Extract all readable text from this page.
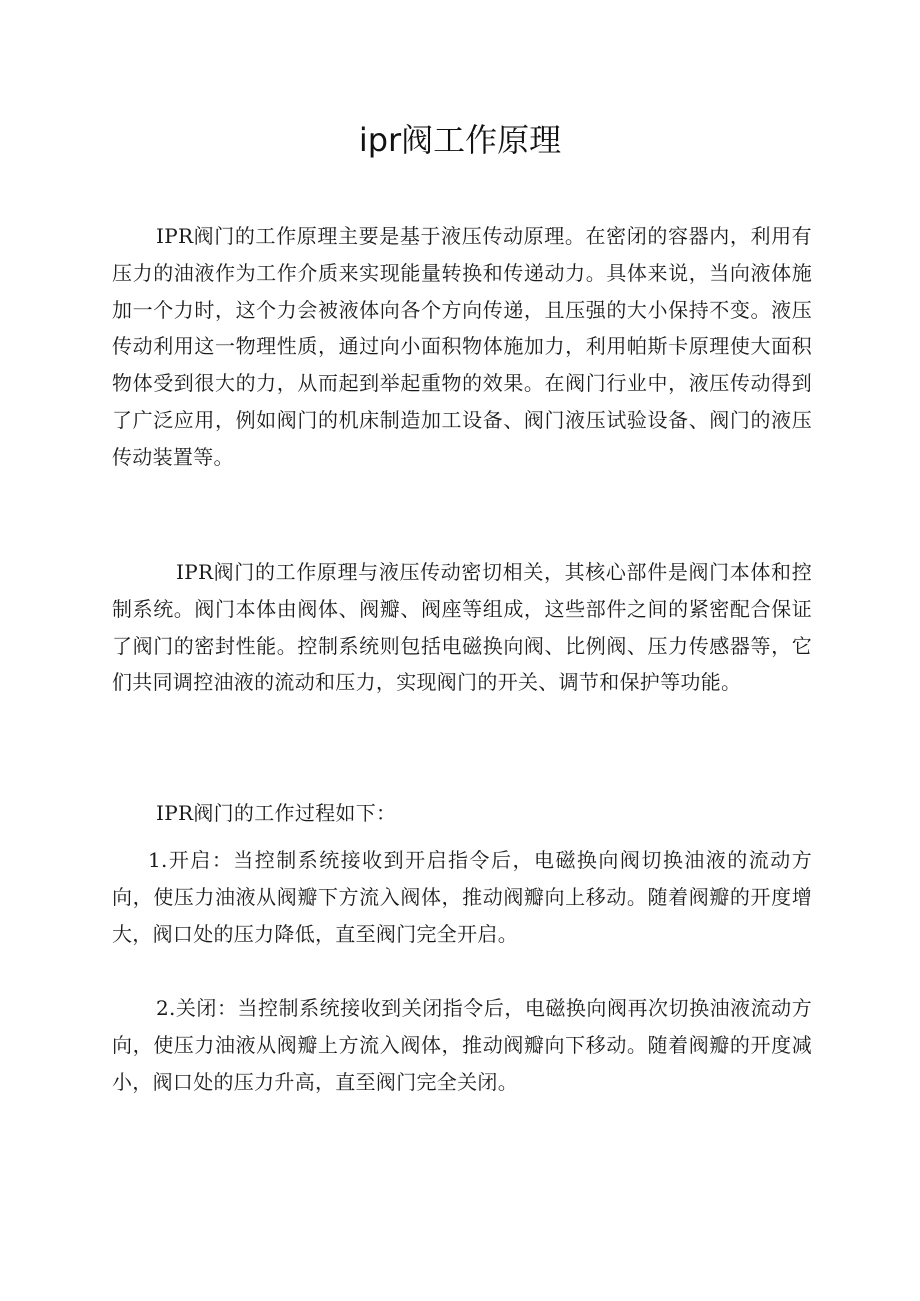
ipr阀工作原理

IPR阀门的工作原理主要是基于液压传动原理。在密闭的容器内，利用有压力的油液作为工作介质来实现能量转换和传递动力。具体来说，当向液体施加一个力时，这个力会被液体向各个方向传递，且压强的大小保持不变。液压传动利用这一物理性质，通过向小面积物体施加力，利用帕斯卡原理使大面积物体受到很大的力，从而起到举起重物的效果。在阀门行业中，液压传动得到了广泛应用，例如阀门的机床制造加工设备、阀门液压试验设备、阀门的液压传动装置等。

IPR阀门的工作原理与液压传动密切相关，其核心部件是阀门本体和控制系统。阀门本体由阀体、阀瓣、阀座等组成，这些部件之间的紧密配合保证了阀门的密封性能。控制系统则包括电磁换向阀、比例阀、压力传感器等，它们共同调控油液的流动和压力，实现阀门的开关、调节和保护等功能。

IPR阀门的工作过程如下：

1.开启：当控制系统接收到开启指令后，电磁换向阀切换油液的流动方向，使压力油液从阀瓣下方流入阀体，推动阀瓣向上移动。随着阀瓣的开度增大，阀口处的压力降低，直至阀门完全开启。

2.关闭：当控制系统接收到关闭指令后，电磁换向阀再次切换油液流动方向，使压力油液从阀瓣上方流入阀体，推动阀瓣向下移动。随着阀瓣的开度减小，阀口处的压力升高，直至阀门完全关闭。
